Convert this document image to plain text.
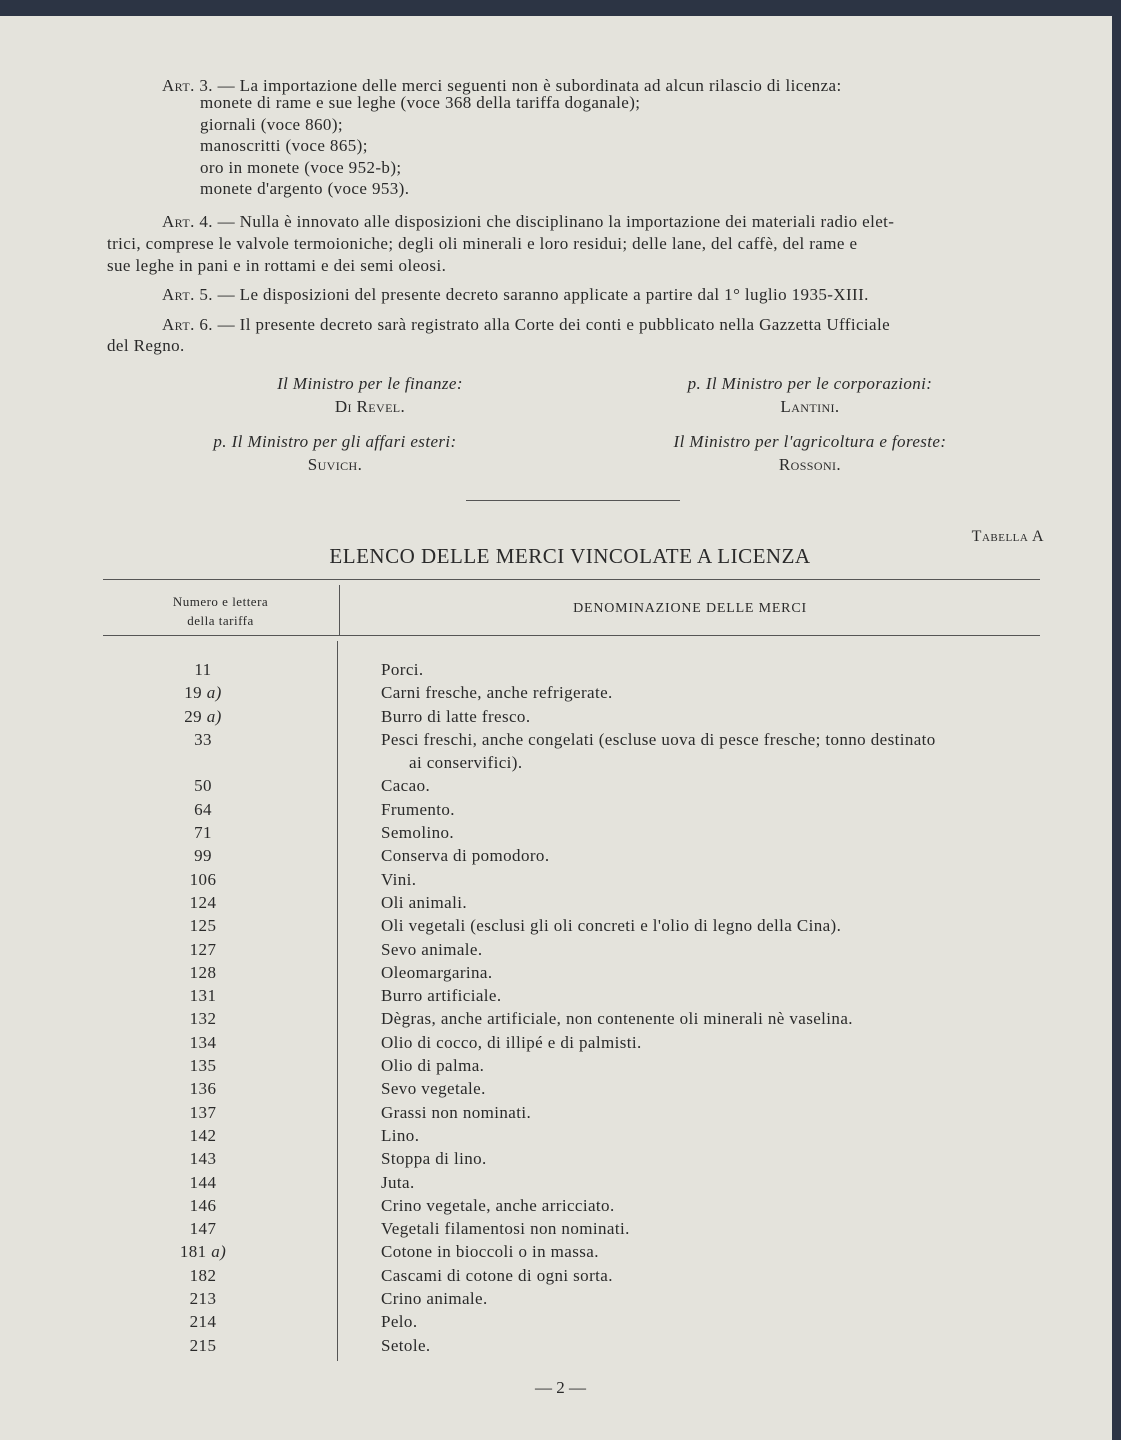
Art. 3. — La importazione delle merci seguenti non è subordinata ad alcun rilascio di licenza:
monete di rame e sue leghe (voce 368 della tariffa doganale);
giornali (voce 860);
manoscritti (voce 865);
oro in monete (voce 952-b);
monete d'argento (voce 953).
Art. 4. — Nulla è innovato alle disposizioni che disciplinano la importazione dei materiali radio elet-
trici, comprese le valvole termoioniche; degli oli minerali e loro residui; delle lane, del caffè, del rame e
sue leghe in pani e in rottami e dei semi oleosi.
Art. 5. — Le disposizioni del presente decreto saranno applicate a partire dal 1° luglio 1935-XIII.
Art. 6. — Il presente decreto sarà registrato alla Corte dei conti e pubblicato nella Gazzetta Ufficiale
del Regno.
Il Ministro per le finanze:
Di Revel.
p. Il Ministro per le corporazioni:
Lantini.
p. Il Ministro per gli affari esteri:
Suvich.
Il Ministro per l'agricoltura e foreste:
Rossoni.
Tabella A
ELENCO DELLE MERCI VINCOLATE A LICENZA
Numero e lettera
della tariffa
DENOMINAZIONE DELLE MERCI
11	Porci.
19 a)	Carni fresche, anche refrigerate.
29 a)	Burro di latte fresco.
33	Pesci freschi, anche congelati (escluse uova di pesce fresche; tonno destinato
ai conservifici).
50	Cacao.
64	Frumento.
71	Semolino.
99	Conserva di pomodoro.
106	Vini.
124	Oli animali.
125	Oli vegetali (esclusi gli oli concreti e l'olio di legno della Cina).
127	Sevo animale.
128	Oleomargarina.
131	Burro artificiale.
132	Dègras, anche artificiale, non contenente oli minerali nè vaselina.
134	Olio di cocco, di illipé e di palmisti.
135	Olio di palma.
136	Sevo vegetale.
137	Grassi non nominati.
142	Lino.
143	Stoppa di lino.
144	Juta.
146	Crino vegetale, anche arricciato.
147	Vegetali filamentosi non nominati.
181 a)	Cotone in bioccoli o in massa.
182	Cascami di cotone di ogni sorta.
213	Crino animale.
214	Pelo.
215	Setole.
— 2 —
